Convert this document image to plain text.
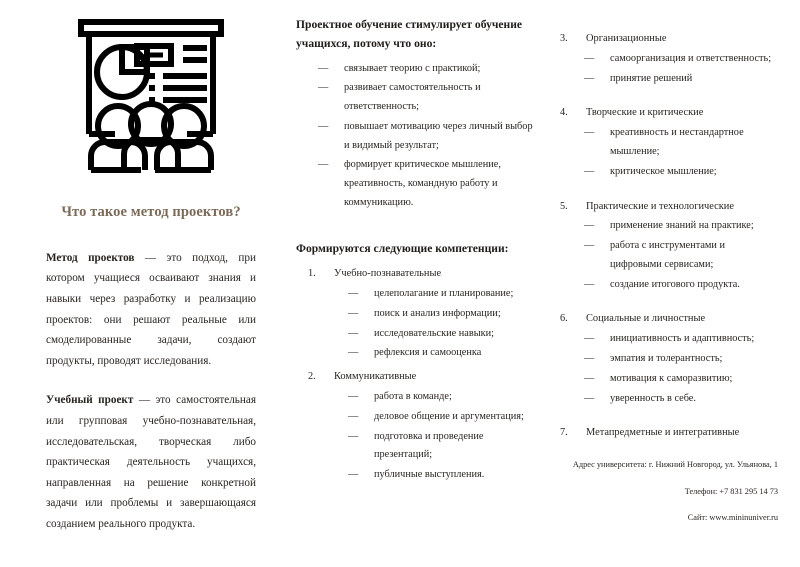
Что такое метод проектов?

Метод проектов — это подход, при котором учащиеся осваивают знания и навыки через разработку и реализацию проектов: они решают реальные или смоделированные задачи, создают продукты, проводят исследования.

Учебный проект — это самостоятельная или групповая учебно-познавательная, исследовательская, творческая либо практическая деятельность учащихся, направленная на решение конкретной задачи или проблемы и завершающаяся созданием реального продукта.

Проектное обучение стимулирует обучение учащихся, потому что оно:
— связывает теорию с практикой;
— развивает самостоятельность и ответственность;
— повышает мотивацию через личный выбор и видимый результат;
— формирует критическое мышление, креативность, командную работу и коммуникацию.
Формируются следующие компетенции:
Учебно-познавательные
— целеполагание и планирование;
— поиск и анализ информации;
— исследовательские навыки;
— рефлексия и самооценка
Коммуникативные
— работа в команде;
— деловое общение и аргументация;
— подготовка и проведение презентаций;
— публичные выступления.
Организационные
— самоорганизация и ответственность;
— принятие решений
Творческие и критические
— креативность и нестандартное мышление;
— критическое мышление;
Практические и технологические
— применение знаний на практике;
— работа с инструментами и цифровыми сервисами;
— создание итогового продукта.
Социальные и личностные
— инициативность и адаптивность;
— эмпатия и толерантность;
— мотивация к саморазвитию;
— уверенность в себе.
Метапредметные и интегративные
Адрес университета: г. Нижний Новгород, ул. Ульянова, 1
Телефон: +7 831 295 14 73
Сайт: www.mininuniver.ru
